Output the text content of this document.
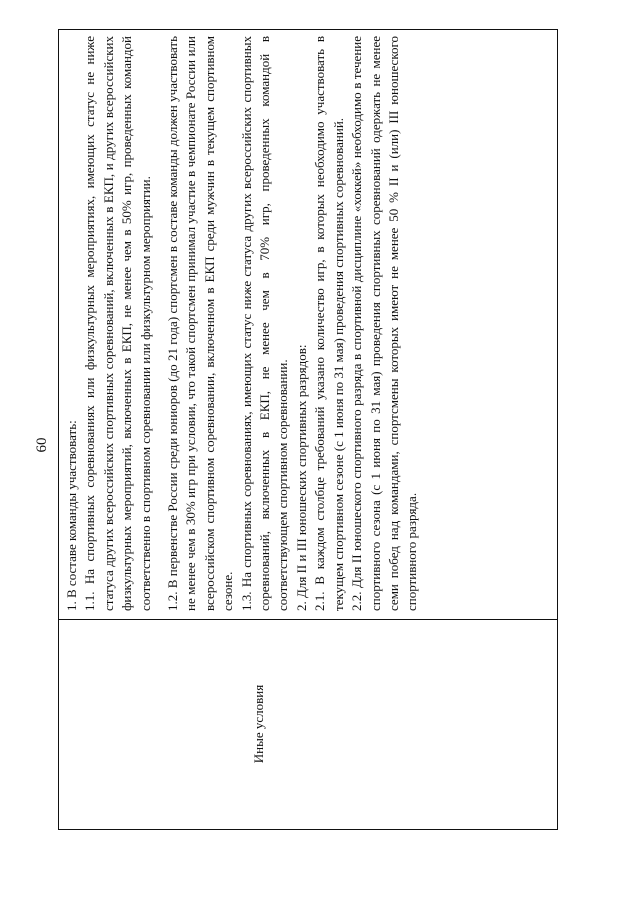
60
Иные условия

1. В составе команды участвовать: 1.1. На спортивных соревнованиях или физкультурных мероприятиях, имеющих статус не ниже статуса других всероссийских спортивных соревнований, включенных в ЕКП, и других всероссийских физкультурных мероприятий, включенных в ЕКП, не менее чем в 50% игр, проведенных командой соответственно в спортивном соревновании или физкультурном мероприятии. 1.2. В первенстве России среди юниоров (до 21 года) спортсмен в составе команды должен участвовать не менее чем в 30% игр при условии, что такой спортсмен принимал участие в чемпионате России или всероссийском спортивном соревновании, включенном в ЕКП среди мужчин в текущем спортивном сезоне. 1.3. На спортивных соревнованиях, имеющих статус ниже статуса других всероссийских спортивных соревнований, включенных в ЕКП, не менее чем в 70% игр, проведенных командой в соответствующем спортивном соревновании. 2. Для II и III юношеских спортивных разрядов: 2.1. В каждом столбце требований указано количество игр, в которых необходимо участвовать в текущем спортивном сезоне (с 1 июня по 31 мая) проведения спортивных соревнований. 2.2. Для II юношеского спортивного разряда в спортивной дисциплине «хоккей» необходимо в течение спортивного сезона (с 1 июня по 31 мая) проведения спортивных соревнований одержать не менее семи побед над командами, спортсмены которых имеют не менее 50 % II и (или) III юношеского спортивного разряда.
